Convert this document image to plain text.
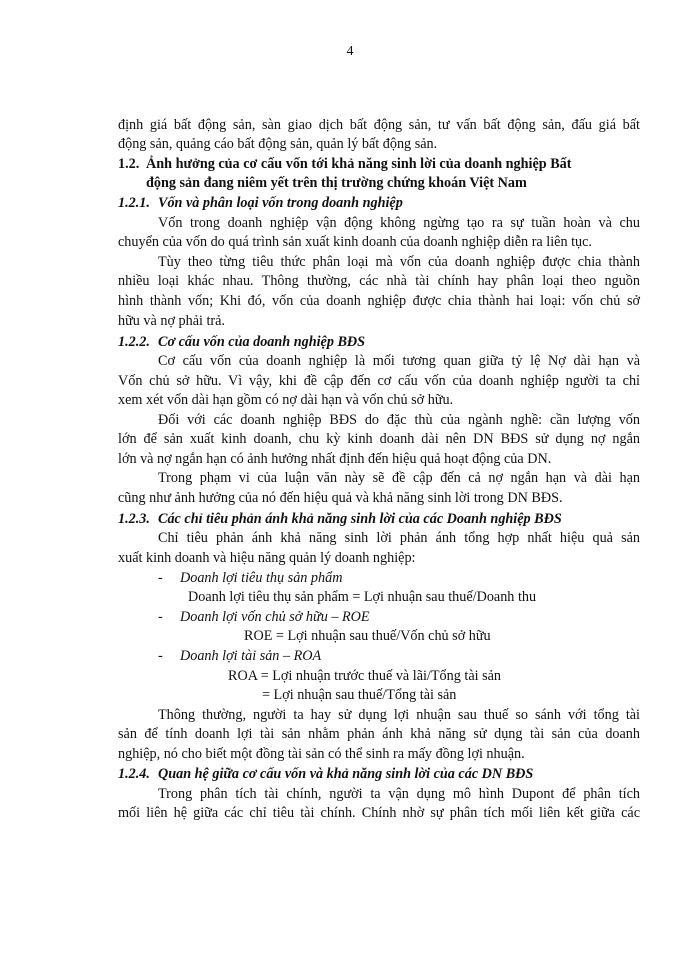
4
định giá bất động sản, sàn giao dịch bất động sản, tư vấn bất động sản, đấu giá bất
động sản, quảng cáo bất động sản, quản lý bất động sản.
1.2. Ảnh hưởng của cơ cấu vốn tới khả năng sinh lời của doanh nghiệp Bất
động sản đang niêm yết trên thị trường chứng khoán Việt Nam
1.2.1. Vốn và phân loại vốn trong doanh nghiệp
Vốn trong doanh nghiệp vận động không ngừng tạo ra sự tuần hoàn và chu
chuyển của vốn do quá trình sản xuất kinh doanh của doanh nghiệp diễn ra liên tục.
Tùy theo từng tiêu thức phân loại mà vốn của doanh nghiệp được chia thành
nhiều loại khác nhau. Thông thường, các nhà tài chính hay phân loại theo nguồn
hình thành vốn; Khi đó, vốn của doanh nghiệp được chia thành hai loại: vốn chủ sở
hữu và nợ phải trả.
1.2.2. Cơ cấu vốn của doanh nghiệp BĐS
Cơ cấu vốn của doanh nghiệp là mối tương quan giữa tỷ lệ Nợ dài hạn và
Vốn chủ sở hữu. Vì vậy, khi đề cập đến cơ cấu vốn của doanh nghiệp người ta chỉ
xem xét vốn dài hạn gồm có nợ dài hạn và vốn chủ sở hữu.
Đối với các doanh nghiệp BĐS do đặc thù của ngành nghề: cần lượng vốn
lớn để sản xuất kinh doanh, chu kỳ kinh doanh dài nên DN BĐS sử dụng nợ ngắn
lớn và nợ ngắn hạn có ảnh hưởng nhất định đến hiệu quả hoạt động của DN.
Trong phạm vi của luận văn này sẽ đề cập đến cả nợ ngắn hạn và dài hạn
cũng như ảnh hưởng của nó đến hiệu quả và khả năng sinh lời trong DN BĐS.
1.2.3. Các chỉ tiêu phản ánh khả năng sinh lời của các Doanh nghiệp BĐS
Chỉ tiêu phản ánh khả năng sinh lời phản ánh tổng hợp nhất hiệu quả sản
xuất kinh doanh và hiệu năng quản lý doanh nghiệp:
- Doanh lợi tiêu thụ sản phẩm
Doanh lợi tiêu thụ sản phẩm = Lợi nhuận sau thuế/Doanh thu
- Doanh lợi vốn chủ sở hữu – ROE
ROE = Lợi nhuận sau thuế/Vốn chủ sở hữu
- Doanh lợi tài sản – ROA
ROA = Lợi nhuận trước thuế và lãi/Tổng tài sản
= Lợi nhuận sau thuế/Tổng tài sản
Thông thường, người ta hay sử dụng lợi nhuận sau thuế so sánh với tổng tài
sản để tính doanh lợi tài sản nhằm phản ánh khả năng sử dụng tài sản của doanh
nghiệp, nó cho biết một đồng tài sản có thể sinh ra mấy đồng lợi nhuận.
1.2.4. Quan hệ giữa cơ cấu vốn và khả năng sinh lời của các DN BĐS
Trong phân tích tài chính, người ta vận dụng mô hình Dupont để phân tích
mối liên hệ giữa các chỉ tiêu tài chính. Chính nhờ sự phân tích mối liên kết giữa các
